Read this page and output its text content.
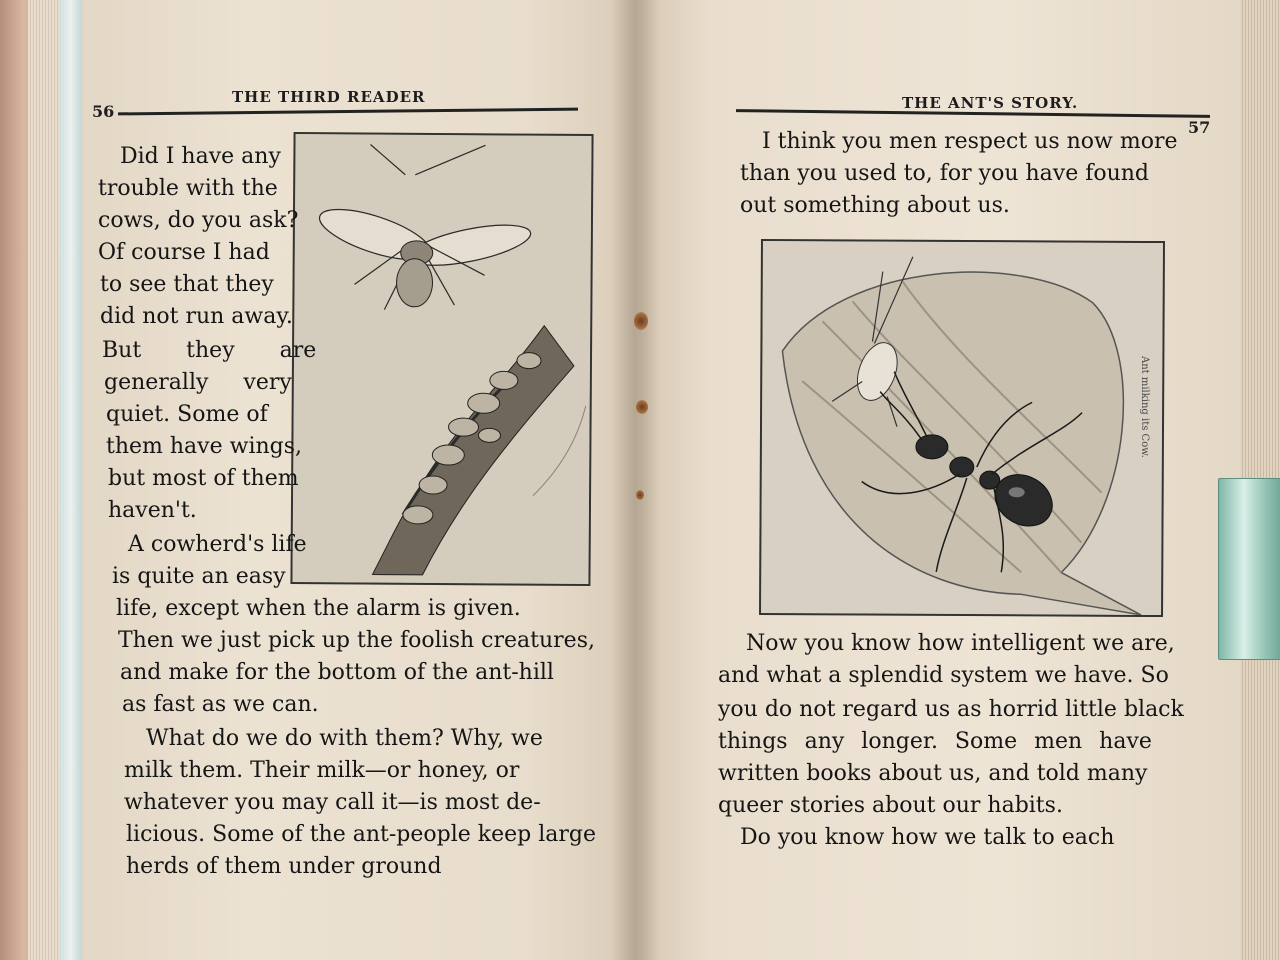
56
THE THIRD READER
Did I have any
trouble with the
cows, do you ask?
Of course I had
to see that they
did not run away.
But they are
generally very
quiet. Some of
them have wings,
but most of them
haven't.
A cowherd's life
is quite an easy
life, except when the alarm is given.
Then we just pick up the foolish creatures,
and make for the bottom of the ant-hill
as fast as we can.
What do we do with them? Why, we
milk them. Their milk—or honey, or
whatever you may call it—is most de-
licious. Some of the ant-people keep large
herds of them under ground
THE ANT'S STORY.
57
I think you men respect us now more
than you used to, for you have found
out something about us.
Ant milking its Cow.
Now you know how intelligent we are,
and what a splendid system we have. So
you do not regard us as horrid little black
things any longer. Some men have
written books about us, and told many
queer stories about our habits.
Do you know how we talk to each
